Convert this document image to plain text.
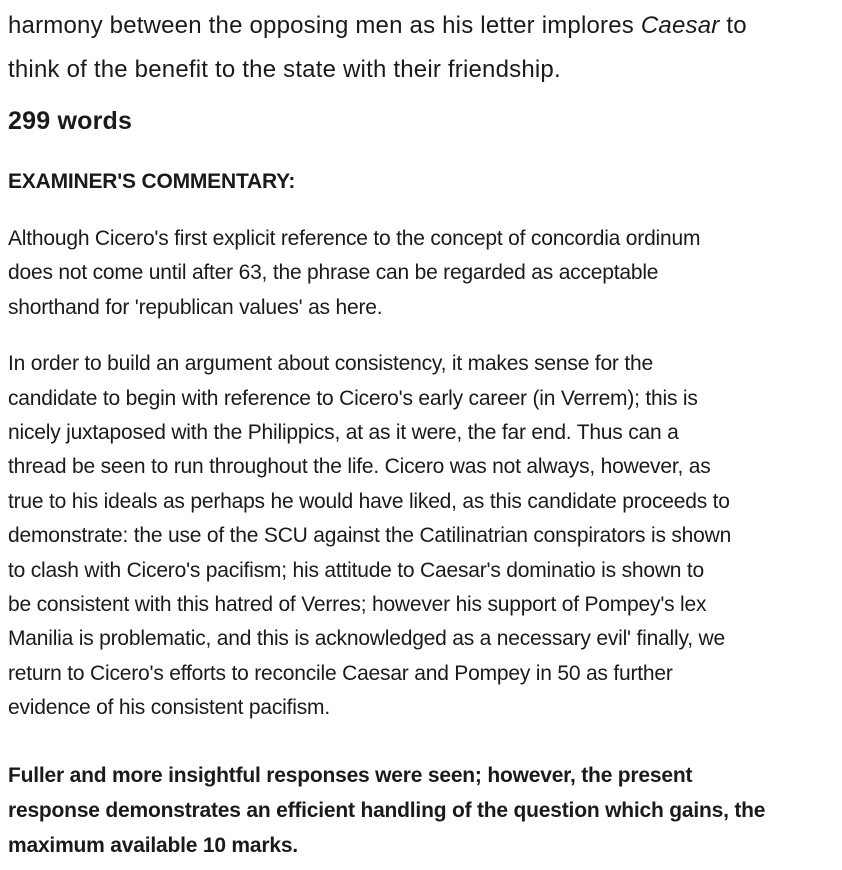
harmony between the opposing men as his letter implores Caesar to
think of the benefit to the state with their friendship.
299 words
EXAMINER'S COMMENTARY:
Although Cicero's first explicit reference to the concept of concordia ordinum
does not come until after 63, the phrase can be regarded as acceptable
shorthand for 'republican values' as here.
In order to build an argument about consistency, it makes sense for the
candidate to begin with reference to Cicero's early career (in Verrem); this is
nicely juxtaposed with the Philippics, at as it were, the far end. Thus can a
thread be seen to run throughout the life. Cicero was not always, however, as
true to his ideals as perhaps he would have liked, as this candidate proceeds to
demonstrate: the use of the SCU against the Catilinatrian conspirators is shown
to clash with Cicero's pacifism; his attitude to Caesar's dominatio is shown to
be consistent with this hatred of Verres; however his support of Pompey's lex
Manilia is problematic, and this is acknowledged as a necessary evil' finally, we
return to Cicero's efforts to reconcile Caesar and Pompey in 50 as further
evidence of his consistent pacifism.
Fuller and more insightful responses were seen; however, the present
response demonstrates an efficient handling of the question which gains, the
maximum available 10 marks.
